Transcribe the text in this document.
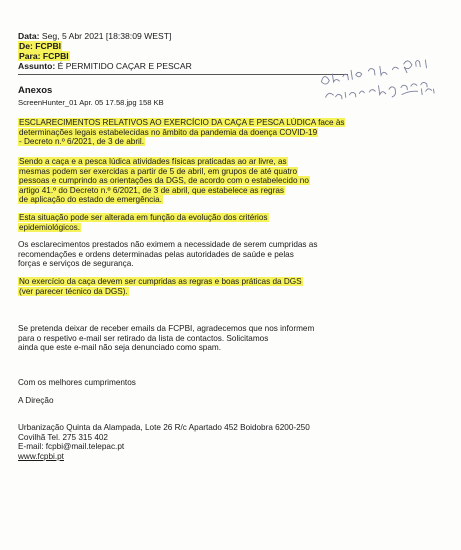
Data: Seg, 5 Abr 2021 [18:38:09 WEST]
De: FCPBI
Para: FCPBI
Assunto: É PERMITIDO CAÇAR E PESCAR
Anexos
ScreenHunter_01 Apr. 05 17.58.jpg 158 KB
ESCLARECIMENTOS RELATIVOS AO EXERCÍCIO DA CAÇA E PESCA LÚDICA face às
determinações legais estabelecidas no âmbito da pandemia da doença COVID-19
- Decreto n.º 6/2021, de 3 de abril.
Sendo a caça e a pesca lúdica atividades físicas praticadas ao ar livre, as
mesmas podem ser exercidas a partir de 5 de abril, em grupos de até quatro
pessoas e cumprindo as orientações da DGS, de acordo com o estabelecido no
artigo 41.º do Decreto n.º 6/2021, de 3 de abril, que estabelece as regras
de aplicação do estado de emergência.
Esta situação pode ser alterada em função da evolução dos critérios
epidemiológicos.
Os esclarecimentos prestados não eximem a necessidade de serem cumpridas as
recomendações e ordens determinadas pelas autoridades de saúde e pelas
forças e serviços de segurança.
No exercício da caça devem ser cumpridas as regras e boas práticas da DGS
(ver parecer técnico da DGS).
Se pretenda deixar de receber emails da FCPBI, agradecemos que nos informem
para o respetivo e-mail ser retirado da lista de contactos. Solicitamos
ainda que este e-mail não seja denunciado como spam.
Com os melhores cumprimentos
A Direção
Urbanização Quinta da Alampada, Lote 26 R/c Apartado 452 Boidobra 6200-250
Covilhã Tel. 275 315 402
E-mail: fcpbi@mail.telepac.pt
www.fcpbi.pt
